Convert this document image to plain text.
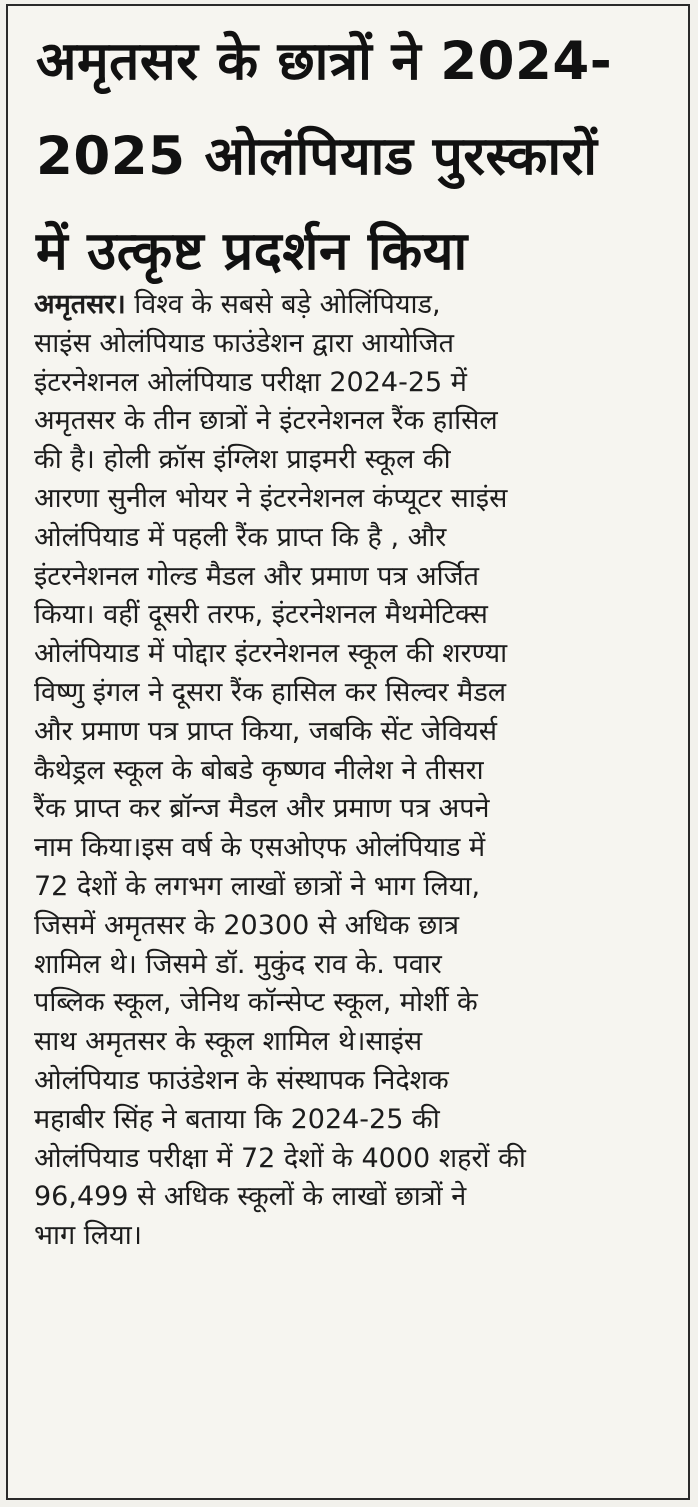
अमृतसर के छात्रों ने 2024-
2025 ओलंपियाड पुरस्कारों
में उत्कृष्ट प्रदर्शन किया
अमृतसर। विश्व के सबसे बड़े ओलिंपियाड,
साइंस ओलंपियाड फाउंडेशन द्वारा आयोजित
इंटरनेशनल ओलंपियाड परीक्षा 2024-25 में
अमृतसर के तीन छात्रों ने इंटरनेशनल रैंक हासिल
की है। होली क्रॉस इंग्लिश प्राइमरी स्कूल की
आरणा सुनील भोयर ने इंटरनेशनल कंप्यूटर साइंस
ओलंपियाड में पहली रैंक प्राप्त कि है , और
इंटरनेशनल गोल्ड मैडल और प्रमाण पत्र अर्जित
किया। वहीं दूसरी तरफ, इंटरनेशनल मैथमेटिक्स
ओलंपियाड में पोद्दार इंटरनेशनल स्कूल की शरण्या
विष्णु इंगल ने दूसरा रैंक हासिल कर सिल्वर मैडल
और प्रमाण पत्र प्राप्त किया, जबकि सेंट जेवियर्स
कैथेड्रल स्कूल के बोबडे कृष्णव नीलेश ने तीसरा
रैंक प्राप्त कर ब्रॉन्ज मैडल और प्रमाण पत्र अपने
नाम किया।इस वर्ष के एसओएफ ओलंपियाड में
72 देशों के लगभग लाखों छात्रों ने भाग लिया,
जिसमें अमृतसर के 20300 से अधिक छात्र
शामिल थे। जिसमे डॉ. मुकुंद राव के. पवार
पब्लिक स्कूल, जेनिथ कॉन्सेप्ट स्कूल, मोर्शी के
साथ अमृतसर के स्कूल शामिल थे।साइंस
ओलंपियाड फाउंडेशन के संस्थापक निदेशक
महाबीर सिंह ने बताया कि 2024-25 की
ओलंपियाड परीक्षा में 72 देशों के 4000 शहरों की
96,499 से अधिक स्कूलों के लाखों छात्रों ने
भाग लिया।
